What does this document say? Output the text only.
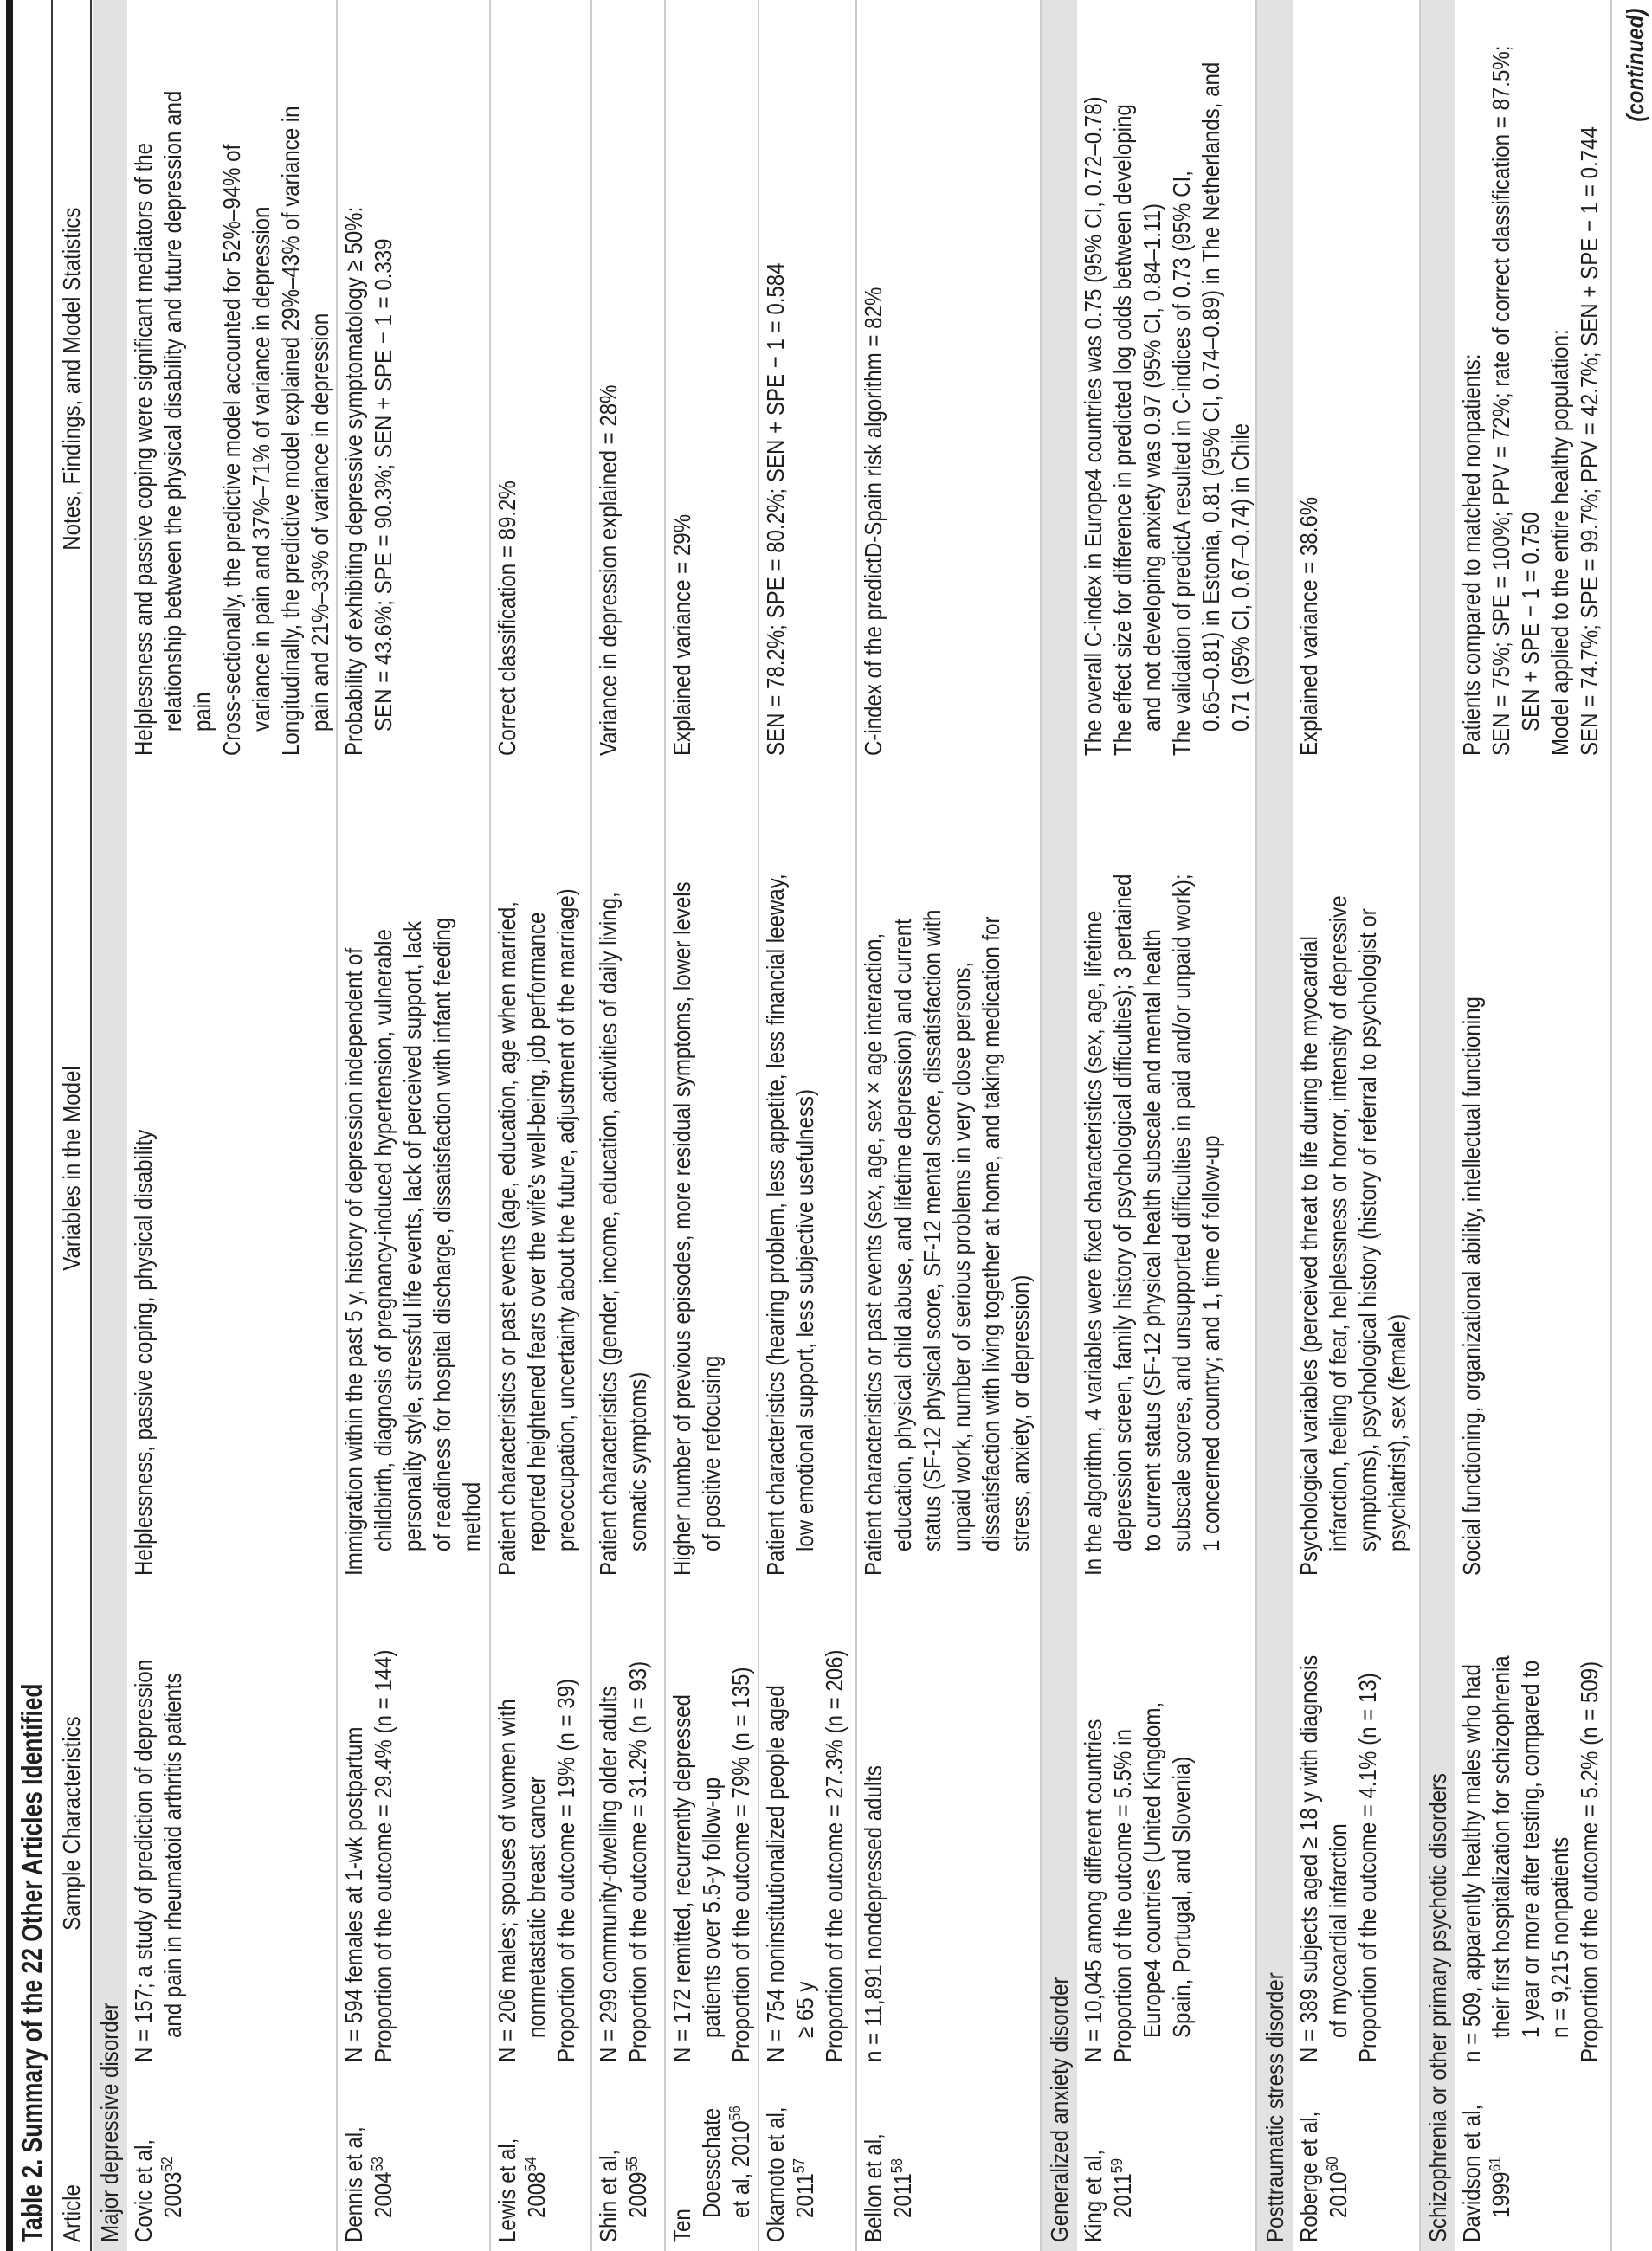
Table 2. Summary of the 22 Other Articles Identified Article
Sample Characteristics
Variables in the Model
Notes, Findings, and Model Statistics
Major depressive disorder Covic et al, 2003$^{52}$
N = 157; a study of prediction of depression and pain in rheumatoid arthritis patients
Helplessness, passive coping, physical disability
Helplessness and passive coping were significant mediators of the relationship between the physical disability and future depression and pain Cross-sectionally, the predictive model accounted for 52%–94% of variance in pain and 37%–71% of variance in depression Longitudinally, the predictive model explained 29%–43% of variance in pain and 21%–33% of variance in depression
Dennis et al, 2004$^{53}$
N = 594 females at 1-wk postpartum Proportion of the outcome = 29.4% (n = 144)
Immigration within the past 5 y, history of depression independent of childbirth, diagnosis of pregnancy-induced hypertension, vulnerable personality style, stressful life events, lack of perceived support, lack of readiness for hospital discharge, dissatisfaction with infant feeding method
Probability of exhibiting depressive symptomatology ≥ 50%: SEN = 43.6%; SPE = 90.3%; SEN + SPE − 1 = 0.339
Lewis et al, 2008$^{54}$
N = 206 males; spouses of women with nonmetastatic breast cancer Proportion of the outcome = 19% (n = 39)
Patient characteristics or past events (age, education, age when married, reported heightened fears over the wife’s well-being, job performance preoccupation, uncertainty about the future, adjustment of the marriage)
Correct classification = 89.2%
Shin et al, 2009$^{55}$
N = 299 community-dwelling older adults Proportion of the outcome = 31.2% (n = 93)
Patient characteristics (gender, income, education, activities of daily living, somatic symptoms)
Variance in depression explained = 28%
Ten
Doesschate et al, 2010$^{56}$
N = 172 remitted, recurrently depressed patients over 5.5-y follow-up Proportion of the outcome = 79% (n = 135)
Higher number of previous episodes, more residual symptoms, lower levels of positive refocusing
Explained variance = 29%
Okamoto et al, 2011$^{57}$
N = 754 noninstitutionalized people aged ≥ 65 y Proportion of the outcome = 27.3% (n = 206)
Patient characteristics (hearing problem, less appetite, less financial leeway, low emotional support, less subjective usefulness)
SEN = 78.2%; SPE = 80.2%; SEN + SPE − 1 = 0.584
Bellon et al, 2011$^{58}$
n = 11,891 nondepressed adults
Patient characteristics or past events (sex, age, sex × age interaction, education, physical child abuse, and lifetime depression) and current status (SF-12 physical score, SF-12 mental score, dissatisfaction with unpaid work, number of serious problems in very close persons, dissatisfaction with living together at home, and taking medication for stress, anxiety, or depression)
C-index of the predictD-Spain risk algorithm = 82%
Generalized anxiety disorder King et al, 2011$^{59}$
N = 10,045 among different countries Proportion of the outcome = 5.5% in Europe4 countries (United Kingdom, Spain, Portugal, and Slovenia)
In the algorithm, 4 variables were fixed characteristics (sex, age, lifetime depression screen, family history of psychological difficulties); 3 pertained to current status (SF-12 physical health subscale and mental health subscale scores, and unsupported difficulties in paid and/or unpaid work); 1 concerned country; and 1, time of follow-up
The overall C-index in Europe4 countries was 0.75 (95% CI, 0.72–0.78) The effect size for difference in predicted log odds between developing and not developing anxiety was 0.97 (95% CI, 0.84–1.11) The validation of predictA resulted in C-indices of 0.73 (95% CI, 0.65–0.81) in Estonia, 0.81 (95% CI, 0.74–0.89) in The Netherlands, and 0.71 (95% CI, 0.67–0.74) in Chile
Posttraumatic stress disorder Roberge et al, 2010$^{60}$
N = 389 subjects aged ≥ 18 y with diagnosis of myocardial infarction Proportion of the outcome = 4.1% (n = 13)
Psychological variables (perceived threat to life during the myocardial infarction, feeling of fear, helplessness or horror, intensity of depressive symptoms), psychological history (history of referral to psychologist or psychiatrist), sex (female)
Explained variance = 38.6%
Schizophrenia or other primary psychotic disorders Davidson et al, 1999$^{61}$
n = 509, apparently healthy males who had their first hospitalization for schizophrenia 1 year or more after testing, compared to n = 9,215 nonpatients Proportion of the outcome = 5.2% (n = 509)
Social functioning, organizational ability, intellectual functioning
Patients compared to matched nonpatients: SEN = 75%; SPE = 100%; PPV = 72%; rate of correct classification = 87.5%; SEN + SPE − 1 = 0.750 Model applied to the entire healthy population: SEN = 74.7%; SPE = 99.7%; PPV = 42.7%; SEN + SPE − 1 = 0.744
(continued)
